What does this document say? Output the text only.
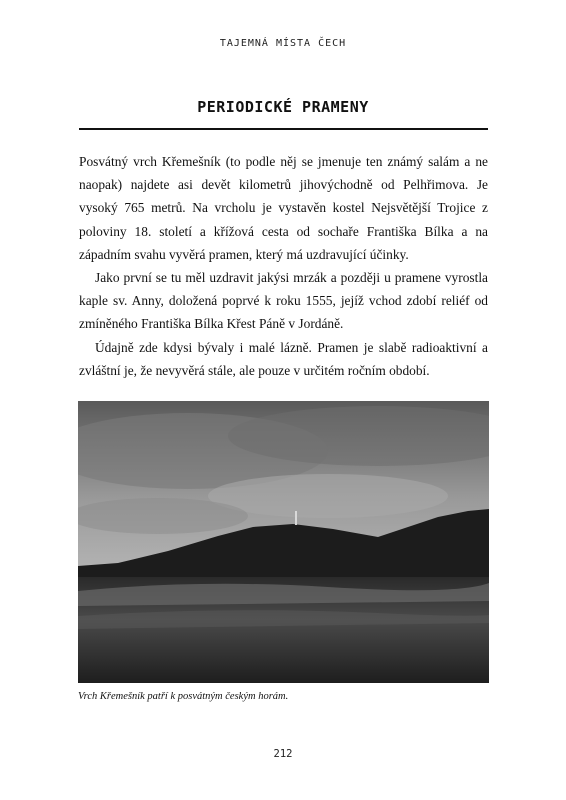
TAJEMNÁ MÍSTA ČECH
PERIODICKÉ PRAMENY

Posvátný vrch Křemešník (to podle něj se jmenuje ten známý salám a ne naopak) najdete asi devět kilometrů jihovýchodně od Pelhřimova. Je vysoký 765 metrů. Na vrcholu je vystavěn kostel Nejsvětější Trojice z poloviny 18. století a křížová cesta od sochaře Františka Bílka a na západním svahu vyvěrá pramen, který má uzdravující účinky.

Jako první se tu měl uzdravit jakýsi mrzák a později u pramene vyrostla kaple sv. Anny, doložená poprvé k roku 1555, jejíž vchod zdobí reliéf od zmíněného Františka Bílka Křest Páně v Jordáně.

Údajně zde kdysi bývaly i malé lázně. Pramen je slabě radioaktivní a zvláštní je, že nevyvěrá stále, ale pouze v určitém ročním období.

Vrch Křemešník patří k posvátným českým horám.
212
